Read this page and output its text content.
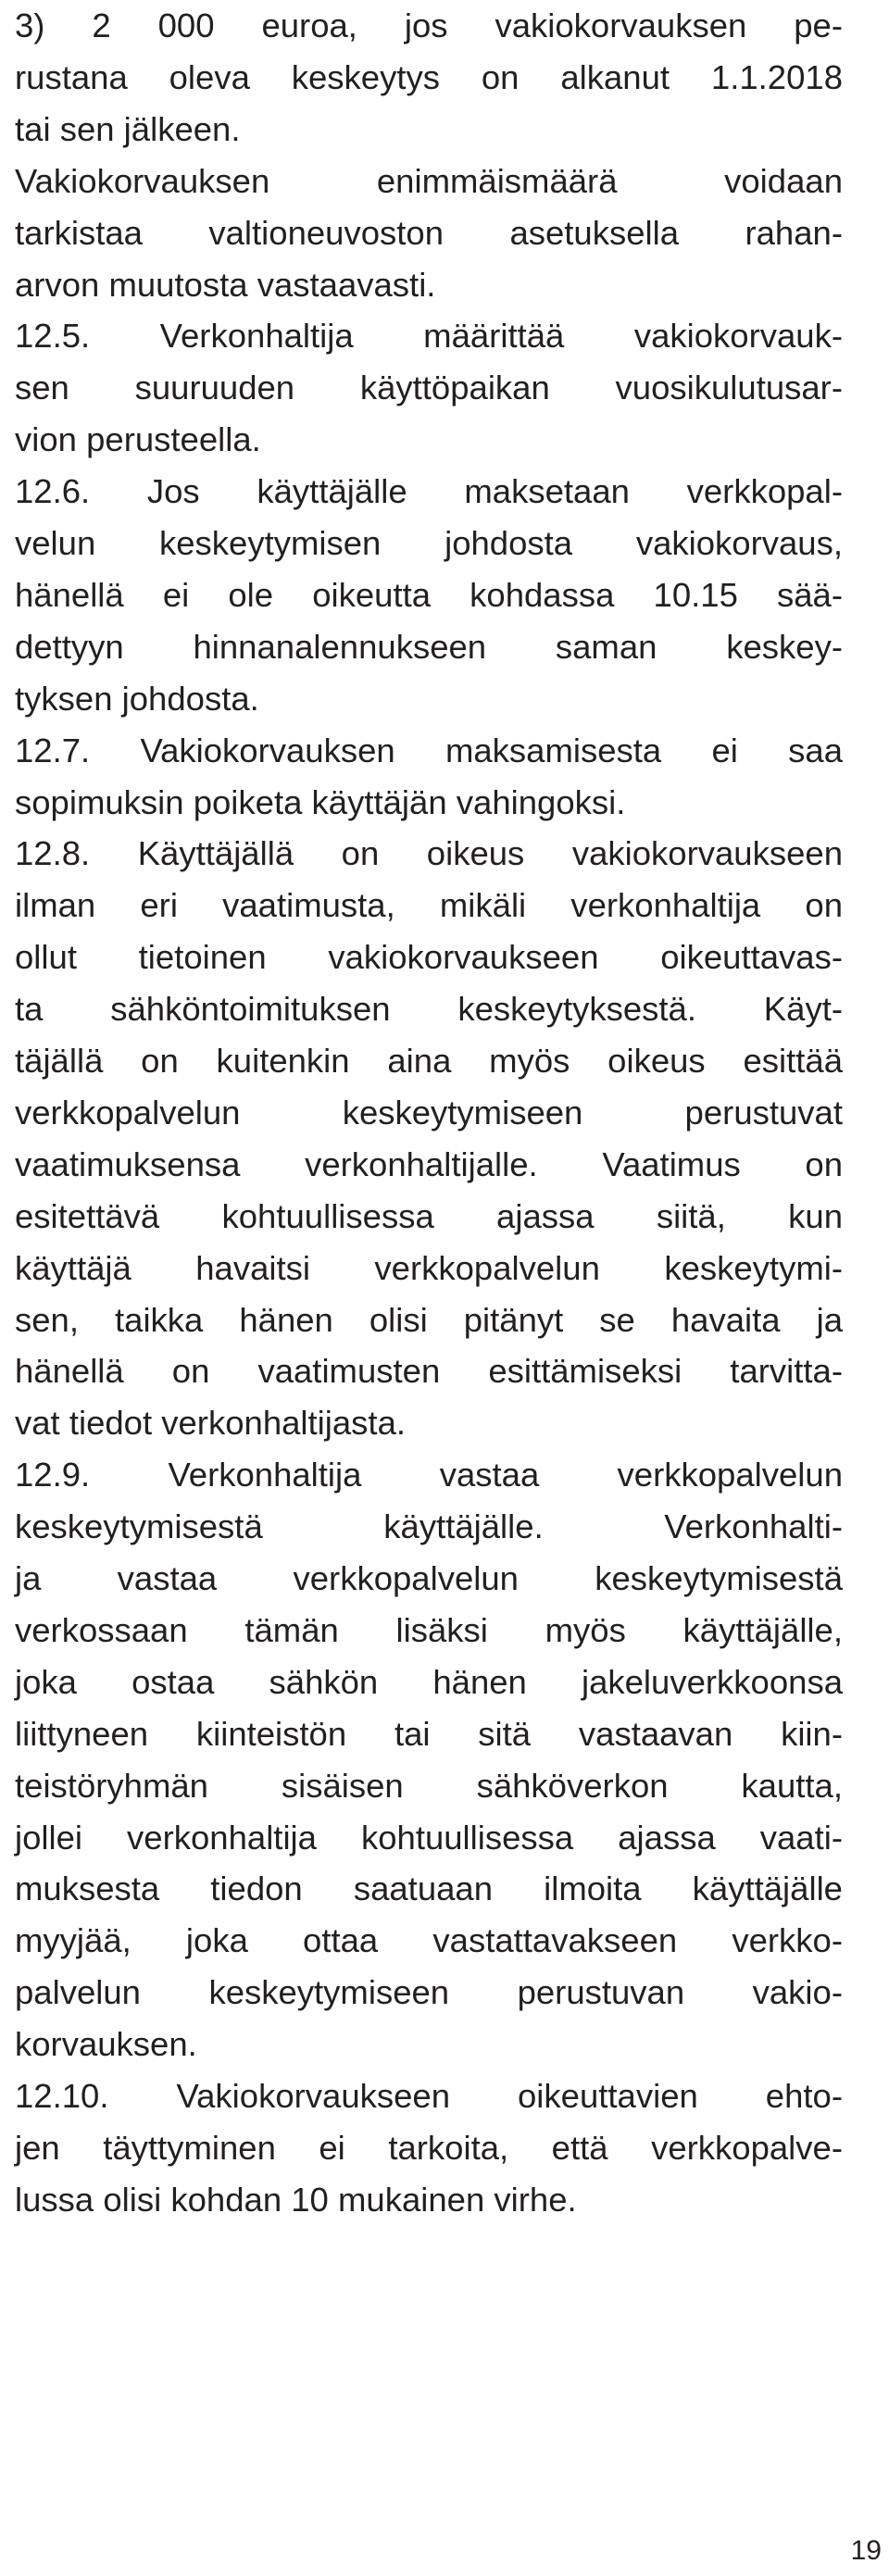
3) 2 000 euroa, jos vakiokorvauksen pe-
rustana oleva keskeytys on alkanut 1.1.2018
tai sen jälkeen.
Vakiokorvauksen enimmäismäärä voidaan
tarkistaa valtioneuvoston asetuksella rahan-
arvon muutosta vastaavasti.
12.5. Verkonhaltija määrittää vakiokorvauk-
sen suuruuden käyttöpaikan vuosikulutusar-
vion perusteella.
12.6. Jos käyttäjälle maksetaan verkkopal-
velun keskeytymisen johdosta vakiokorvaus,
hänellä ei ole oikeutta kohdassa 10.15 sää-
dettyyn hinnanalennukseen saman keskey-
tyksen johdosta.
12.7. Vakiokorvauksen maksamisesta ei saa
sopimuksin poiketa käyttäjän vahingoksi.
12.8. Käyttäjällä on oikeus vakiokorvaukseen
ilman eri vaatimusta, mikäli verkonhaltija on
ollut tietoinen vakiokorvaukseen oikeuttavas-
ta sähköntoimituksen keskeytyksestä. Käyt-
täjällä on kuitenkin aina myös oikeus esittää
verkkopalvelun keskeytymiseen perustuvat
vaatimuksensa verkonhaltijalle. Vaatimus on
esitettävä kohtuullisessa ajassa siitä, kun
käyttäjä havaitsi verkkopalvelun keskeytymi-
sen, taikka hänen olisi pitänyt se havaita ja
hänellä on vaatimusten esittämiseksi tarvitta-
vat tiedot verkonhaltijasta.
12.9. Verkonhaltija vastaa verkkopalvelun
keskeytymisestä käyttäjälle. Verkonhalti-
ja vastaa verkkopalvelun keskeytymisestä
verkossaan tämän lisäksi myös käyttäjälle,
joka ostaa sähkön hänen jakeluverkkoonsa
liittyneen kiinteistön tai sitä vastaavan kiin-
teistöryhmän sisäisen sähköverkon kautta,
jollei verkonhaltija kohtuullisessa ajassa vaati-
muksesta tiedon saatuaan ilmoita käyttäjälle
myyjää, joka ottaa vastattavakseen verkko-
palvelun keskeytymiseen perustuvan vakio-
korvauksen.
12.10. Vakiokorvaukseen oikeuttavien ehto-
jen täyttyminen ei tarkoita, että verkkopalve-
lussa olisi kohdan 10 mukainen virhe.
19
